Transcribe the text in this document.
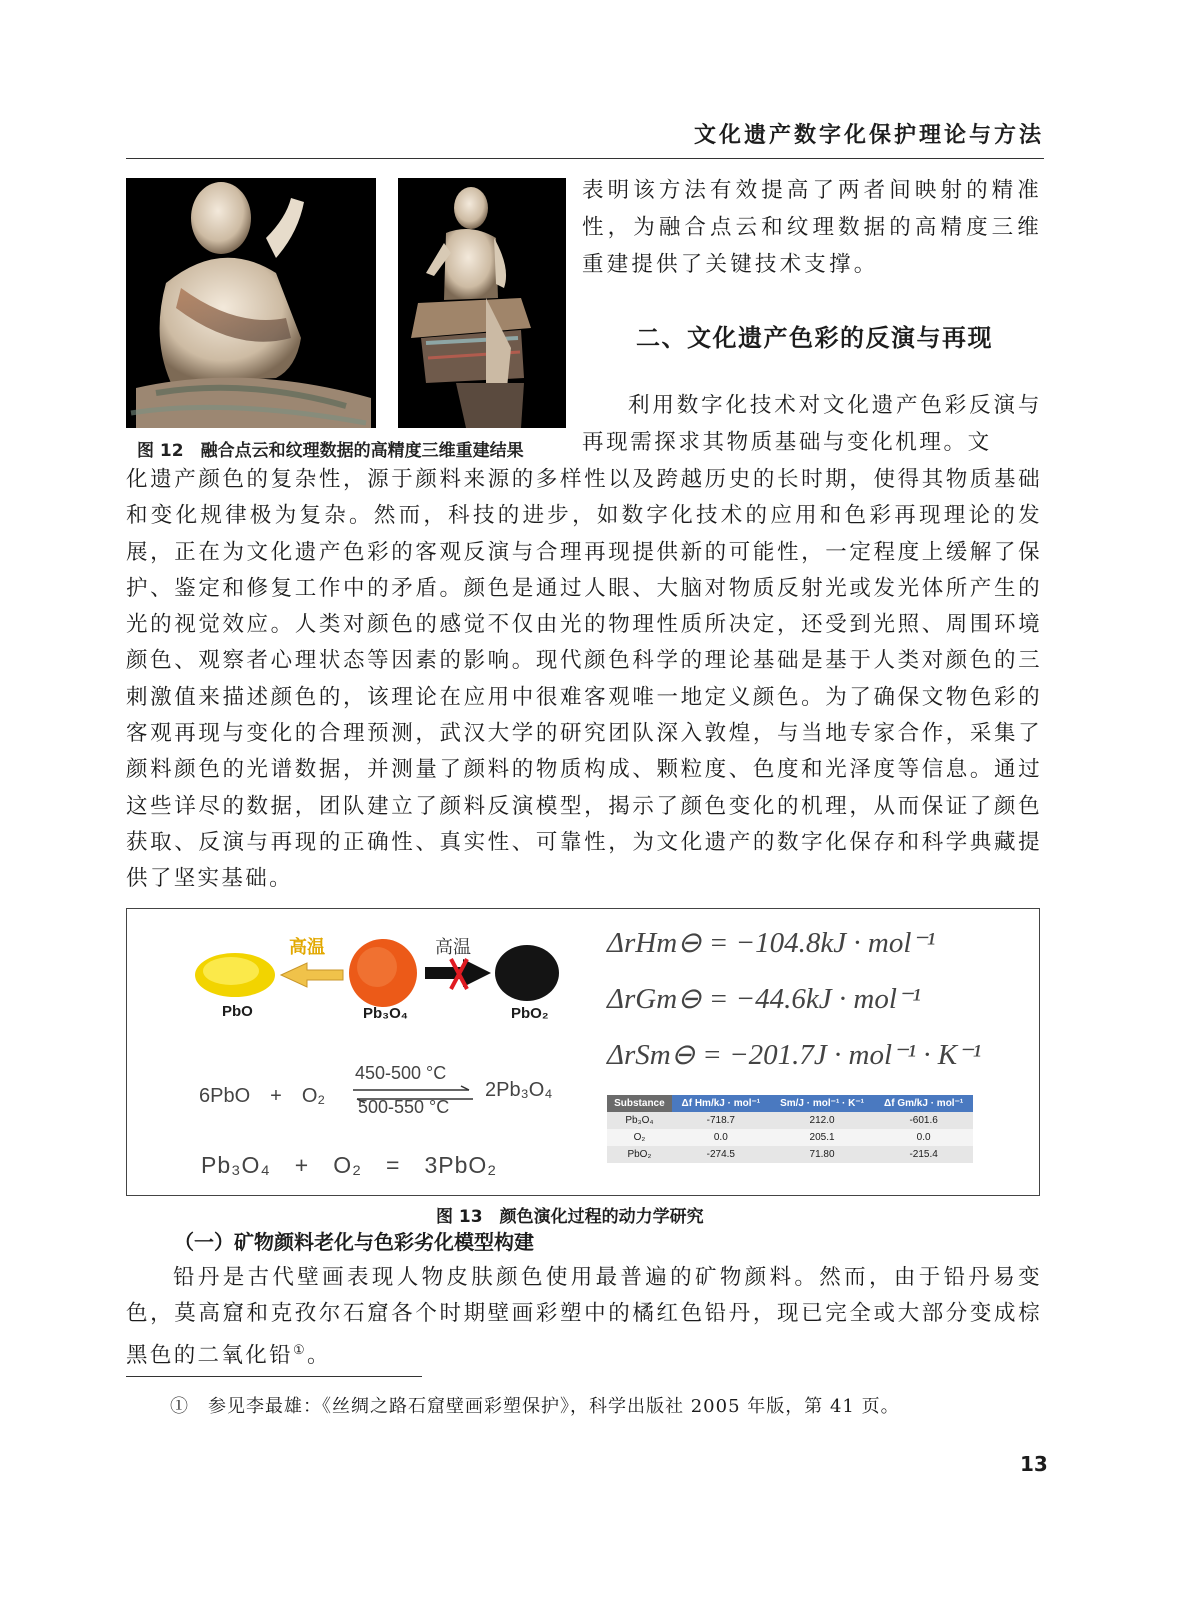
文化遗产数字化保护理论与方法
图 12　融合点云和纹理数据的高精度三维重建结果
表明该方法有效提高了两者间映射的精准性，为融合点云和纹理数据的高精度三维重建提供了关键技术支撑。
二、文化遗产色彩的反演与再现
利用数字化技术对文化遗产色彩反演与再现需探求其物质基础与变化机理。文
化遗产颜色的复杂性，源于颜料来源的多样性以及跨越历史的长时期，使得其物质基础和变化规律极为复杂。然而，科技的进步，如数字化技术的应用和色彩再现理论的发展，正在为文化遗产色彩的客观反演与合理再现提供新的可能性，一定程度上缓解了保护、鉴定和修复工作中的矛盾。颜色是通过人眼、大脑对物质反射光或发光体所产生的光的视觉效应。人类对颜色的感觉不仅由光的物理性质所决定，还受到光照、周围环境颜色、观察者心理状态等因素的影响。现代颜色科学的理论基础是基于人类对颜色的三刺激值来描述颜色的，该理论在应用中很难客观唯一地定义颜色。为了确保文物色彩的客观再现与变化的合理预测，武汉大学的研究团队深入敦煌，与当地专家合作，采集了颜料颜色的光谱数据，并测量了颜料的物质构成、颗粒度、色度和光泽度等信息。通过这些详尽的数据，团队建立了颜料反演模型，揭示了颜色变化的机理，从而保证了颜色获取、反演与再现的正确性、真实性、可靠性，为文化遗产的数字化保存和科学典藏提供了坚实基础。
高温	高温
PbO	Pb₃O₄	PbO₂
6PbO　+　O₂
450-500 °C
500-550 °C
2Pb₃O₄
Pb₃O₄　+　O₂　=　3PbO₂
ΔrHm⊖ = −104.8kJ · mol⁻¹
ΔrGm⊖ = −44.6kJ · mol⁻¹
ΔrSm⊖ = −201.7J · mol⁻¹ · K⁻¹
Substance	Δf Hm/kJ · mol⁻¹	Sm/J · mol⁻¹ · K⁻¹	Δf Gm/kJ · mol⁻¹
Pb₃O₄	-718.7	212.0	-601.6
O₂	0.0	205.1	0.0
PbO₂	-274.5	71.80	-215.4
图 13　颜色演化过程的动力学研究
（一）矿物颜料老化与色彩劣化模型构建
铅丹是古代壁画表现人物皮肤颜色使用最普遍的矿物颜料。然而，由于铅丹易变色，莫高窟和克孜尔石窟各个时期壁画彩塑中的橘红色铅丹，现已完全或大部分变成棕黑色的二氧化铅①。
①　参见李最雄：《丝绸之路石窟壁画彩塑保护》，科学出版社 2005 年版，第 41 页。
13
